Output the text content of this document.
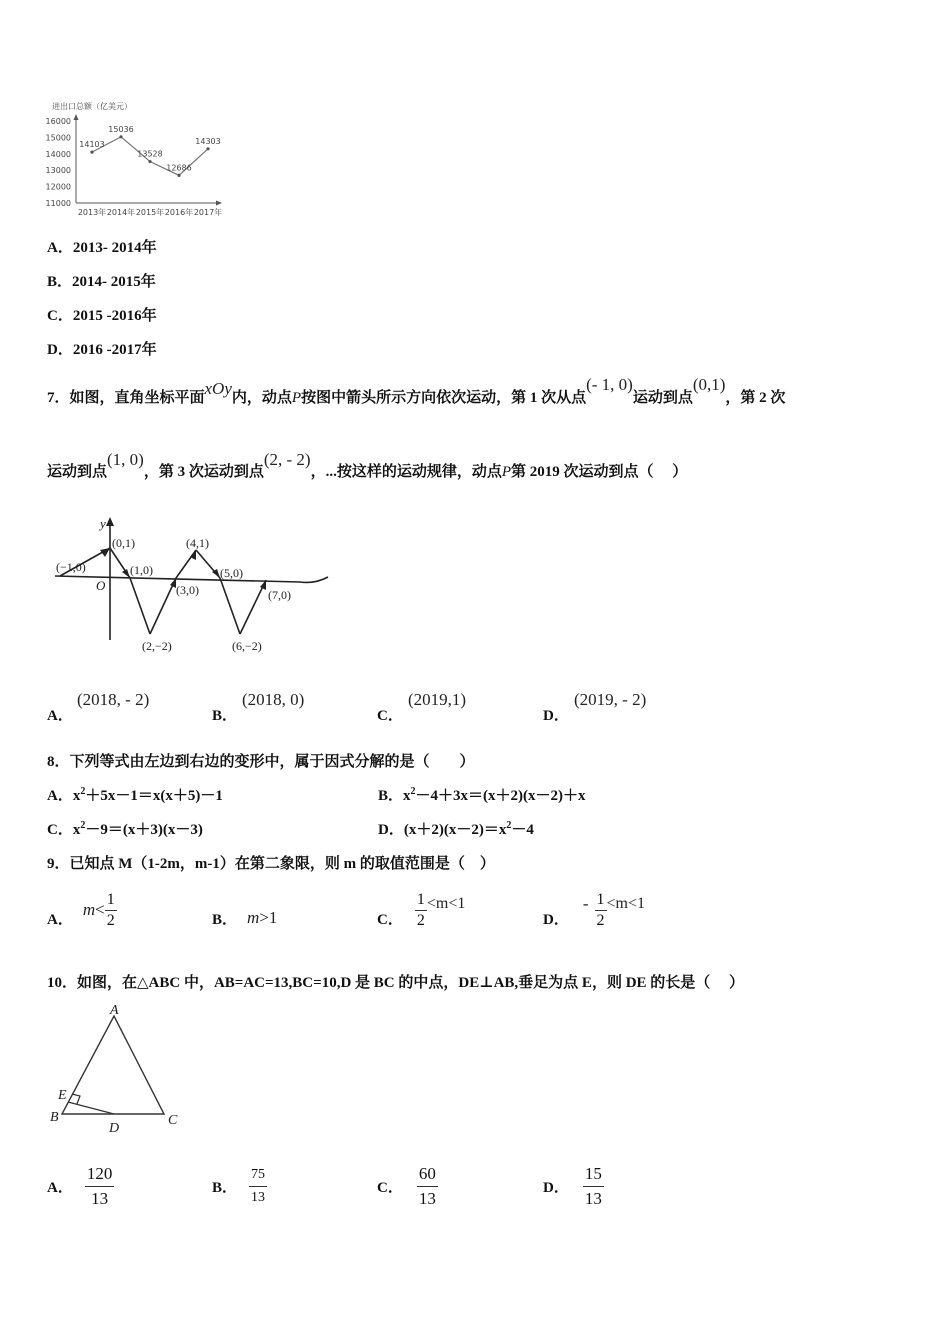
进出口总额（亿美元）
16000
15000
14000
13000
12000
11000
2013年 2014年 2015年 2016年 2017年
14103
15036
13528
12686
14303
A．2013- 2014年
B．2014- 2015年
C．2015 -2016年
D．2016 -2017年
7．如图，直角坐标平面xOy内，动点P按图中箭头所示方向依次运动，第 1 次从点(- 1, 0)运动到点(0,1)，第 2 次
运动到点(1, 0)，第 3 次运动到点(2, - 2)，...按这样的运动规律，动点P第 2019 次运动到点（　 ）
y
O
(−1,0)
(0,1)
(1,0)
(2,−2)
(3,0)
(4,1)
(5,0)
(6,−2)
(7,0)
A．
(2018, - 2)
B．
(2018, 0)
C．
(2019,1)
D．
(2019, - 2)
8．下列等式由左边到右边的变形中，属于因式分解的是（　　）
A．$x^2+5x-1=x(x+5)-1$	B．$x^2-4+3x=(x+2)(x-2)+x$
C．$x^2-9=(x+3)(x-3)$	D．$(x+2)(x-2)=x^2-4$
9．已知点 M（1-2m，m-1）在第二象限，则 m 的取值范围是（　）
A．
$m < \frac{1}{2}$	B． m >1	C． $\frac{1}{2} <m<1$
D．
- $\frac{1}{2} <m<1$
10．如图，在△ABC 中，AB=AC=13,BC=10,D 是 BC 的中点，DE⊥AB,垂足为点 E，则 DE 的长是（　 ）
A
B	C
D
E
A． $\frac{120}{13}$	B． $\frac{75}{13}$	C． $\frac{60}{13}$	D． $\frac{15}{13}$
